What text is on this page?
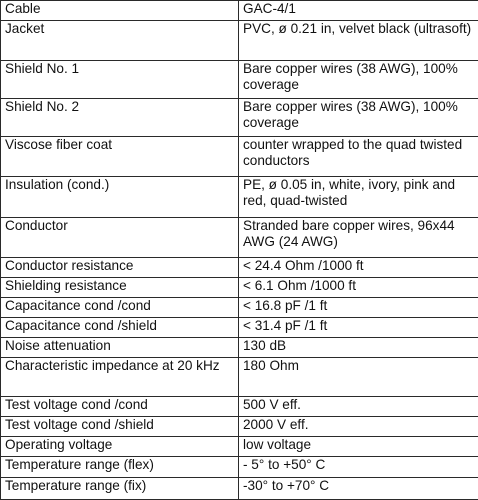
Cable	GAC-4/1
Jacket	PVC, ø 0.21 in, velvet black (ultrasoft)
Shield No. 1	Bare copper wires (38 AWG), 100% coverage
Shield No. 2	Bare copper wires (38 AWG), 100% coverage
Viscose fiber coat	counter wrapped to the quad twisted conductors
Insulation (cond.)	PE, ø 0.05 in, white, ivory, pink and red, quad-twisted
Conductor	Stranded bare copper wires, 96x44 AWG (24 AWG)
Conductor resistance	< 24.4 Ohm /1000 ft
Shielding resistance	< 6.1 Ohm /1000 ft
Capacitance cond /cond	< 16.8 pF /1 ft
Capacitance cond /shield	< 31.4 pF /1 ft
Noise attenuation	130 dB
Characteristic impedance at 20 kHz	180 Ohm
Test voltage cond /cond	500 V eff.
Test voltage cond /shield	2000 V eff.
Operating voltage	low voltage
Temperature range (flex)	- 5° to +50° C
Temperature range (fix)	-30° to +70° C
